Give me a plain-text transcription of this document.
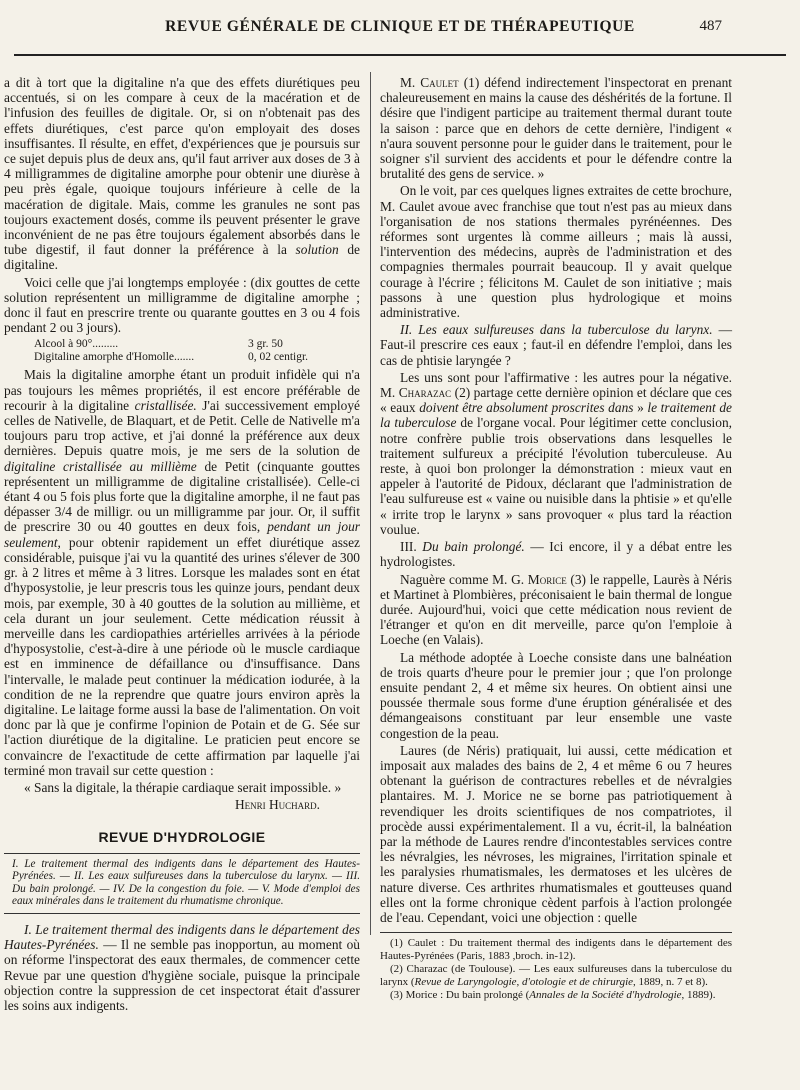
REVUE GÉNÉRALE DE CLINIQUE ET DE THÉRAPEUTIQUE	487

a dit à tort que la digitaline n'a que des effets diurétiques peu accentués, si on les compare à ceux de la macération et de l'infusion des feuilles de digitale. Or, si on n'obtenait pas des effets diurétiques, c'est parce qu'on employait des doses insuffisantes. Il résulte, en effet, d'expériences que je poursuis sur ce sujet depuis plus de deux ans, qu'il faut arriver aux doses de 3 à 4 milligrammes de digitaline amorphe pour obtenir une diurèse à peu près égale, quoique toujours inférieure à celle de la macération de digitale. Mais, comme les granules ne sont pas toujours exactement dosés, comme ils peuvent présenter le grave inconvénient de ne pas être toujours également absorbés dans le tube digestif, il faut donner la préférence à la solution de digitaline.

Voici celle que j'ai longtemps employée : (dix gouttes de cette solution représentent un milligramme de digitaline amorphe ; donc il faut en prescrire trente ou quarante gouttes en 3 ou 4 fois pendant 2 ou 3 jours).

Alcool à 90°.........	3 gr. 50
Digitaline amorphe d'Homolle.......	0, 02 centigr.

Mais la digitaline amorphe étant un produit infidèle qui n'a pas toujours les mêmes propriétés, il est encore préférable de recourir à la digitaline cristallisée. J'ai successivement employé celles de Nativelle, de Blaquart, et de Petit. Celle de Nativelle m'a toujours paru trop active, et j'ai donné la préférence aux deux dernières. Depuis quatre mois, je me sers de la solution de digitaline cristallisée au millième de Petit (cinquante gouttes représentent un milligramme de digitaline cristallisée). Celle-ci étant 4 ou 5 fois plus forte que la digitaline amorphe, il ne faut pas dépasser 3/4 de milligr. ou un milligramme par jour. Or, il suffit de prescrire 30 ou 40 gouttes en deux fois, pendant un jour seulement, pour obtenir rapidement un effet diurétique assez considérable, puisque j'ai vu la quantité des urines s'élever de 300 gr. à 2 litres et même à 3 litres. Lorsque les malades sont en état d'hyposystolie, je leur prescris tous les quinze jours, pendant deux mois, par exemple, 30 à 40 gouttes de la solution au millième, et cela durant un jour seulement. Cette médication réussit à merveille dans les cardiopathies artérielles arrivées à la période d'hyposystolie, c'est-à-dire à une période où le muscle cardiaque est en imminence de défaillance ou d'insuffisance. Dans l'intervalle, le malade peut continuer la médication iodurée, à la condition de ne la reprendre que quatre jours environ après la digitaline. Le laitage forme aussi la base de l'alimentation. On voit donc par là que je confirme l'opinion de Potain et de G. Sée sur l'action diurétique de la digitaline. Le praticien peut encore se convaincre de l'exactitude de cette affirmation par laquelle j'ai terminé mon travail sur cette question :

« Sans la digitale, la thérapie cardiaque serait impossible. »

Henri Huchard.
REVUE D'HYDROLOGIE
I. Le traitement thermal des indigents dans le département des Hautes-Pyrénées. — II. Les eaux sulfureuses dans la tuberculose du larynx. — III. Du bain prolongé. — IV. De la congestion du foie. — V. Mode d'emploi des eaux minérales dans le traitement du rhumatisme chronique.

I. Le traitement thermal des indigents dans le département des Hautes-Pyrénées. — Il ne semble pas inopportun, au moment où on réforme l'inspectorat des eaux thermales, de commencer cette Revue par une question d'hygiène sociale, puisque la principale objection contre la suppression de cet inspectorat était d'assurer les soins aux indigents.

M. Caulet (1) défend indirectement l'inspectorat en prenant chaleureusement en mains la cause des déshérités de la fortune. Il désire que l'indigent participe au traitement thermal durant toute la saison : parce que en dehors de cette dernière, l'indigent « n'aura souvent personne pour le guider dans le traitement, pour le soigner s'il survient des accidents et pour le défendre contre la brutalité des gens de service. »

On le voit, par ces quelques lignes extraites de cette brochure, M. Caulet avoue avec franchise que tout n'est pas au mieux dans l'organisation de nos stations thermales pyrénéennes. Des réformes sont urgentes là comme ailleurs ; mais là aussi, l'intervention des médecins, auprès de l'administration et des compagnies thermales pourrait beaucoup. Il y avait quelque courage à l'écrire ; félicitons M. Caulet de son initiative ; mais passons à une question plus hydrologique et moins administrative.

II. Les eaux sulfureuses dans la tuberculose du larynx. — Faut-il prescrire ces eaux ; faut-il en défendre l'emploi, dans les cas de phtisie laryngée ?

Les uns sont pour l'affirmative : les autres pour la négative. M. Charazac (2) partage cette dernière opinion et déclare que ces « eaux doivent être absolument proscrites dans » le traitement de la tuberculose de l'organe vocal. Pour légitimer cette conclusion, notre confrère publie trois observations dans lesquelles le traitement sulfureux a précipité l'évolution tuberculeuse. Au reste, à quoi bon prolonger la démonstration : mieux vaut en appeler à l'autorité de Pidoux, déclarant que l'administration de l'eau sulfureuse est « vaine ou nuisible dans la phtisie » et qu'elle « irrite trop le larynx » sans provoquer « plus tard la réaction voulue.

III. Du bain prolongé. — Ici encore, il y a débat entre les hydrologistes.

Naguère comme M. G. Morice (3) le rappelle, Laurès à Néris et Martinet à Plombières, préconisaient le bain thermal de longue durée. Aujourd'hui, voici que cette médication nous revient de l'étranger et qu'on en dit merveille, parce qu'on l'emploie à Loeche (en Valais).

La méthode adoptée à Loeche consiste dans une balnéation de trois quarts d'heure pour le premier jour ; que l'on prolonge ensuite pendant 2, 4 et même six heures. On obtient ainsi une poussée thermale sous forme d'une éruption généralisée et des démangeaisons constituant par leur ensemble une vaste congestion de la peau.

Laures (de Néris) pratiquait, lui aussi, cette médication et imposait aux malades des bains de 2, 4 et même 6 ou 7 heures obtenant la guérison de contractures rebelles et de névralgies plantaires. M. J. Morice ne se borne pas patriotiquement à revendiquer les droits scientifiques de nos compatriotes, il procède aussi expérimentalement. Il a vu, écrit-il, la balnéation par la méthode de Laures rendre d'incontestables services contre les névralgies, les névroses, les migraines, l'irritation spinale et les paralysies rhumatismales, les dermatoses et les ulcères de nature diverse. Ces arthrites rhumatismales et goutteuses quand elles ont la forme chronique cèdent parfois à l'action prolongée de l'eau. Cependant, voici une objection : quelle

(1) Caulet : Du traitement thermal des indigents dans le département des Hautes-Pyrénées (Paris, 1883 ,broch. in-12).

(2) Charazac (de Toulouse). — Les eaux sulfureuses dans la tuberculose du larynx (Revue de Laryngologie, d'otologie et de chirurgie, 1889, n. 7 et 8).

(3) Morice : Du bain prolongé (Annales de la Société d'hydrologie, 1889).
